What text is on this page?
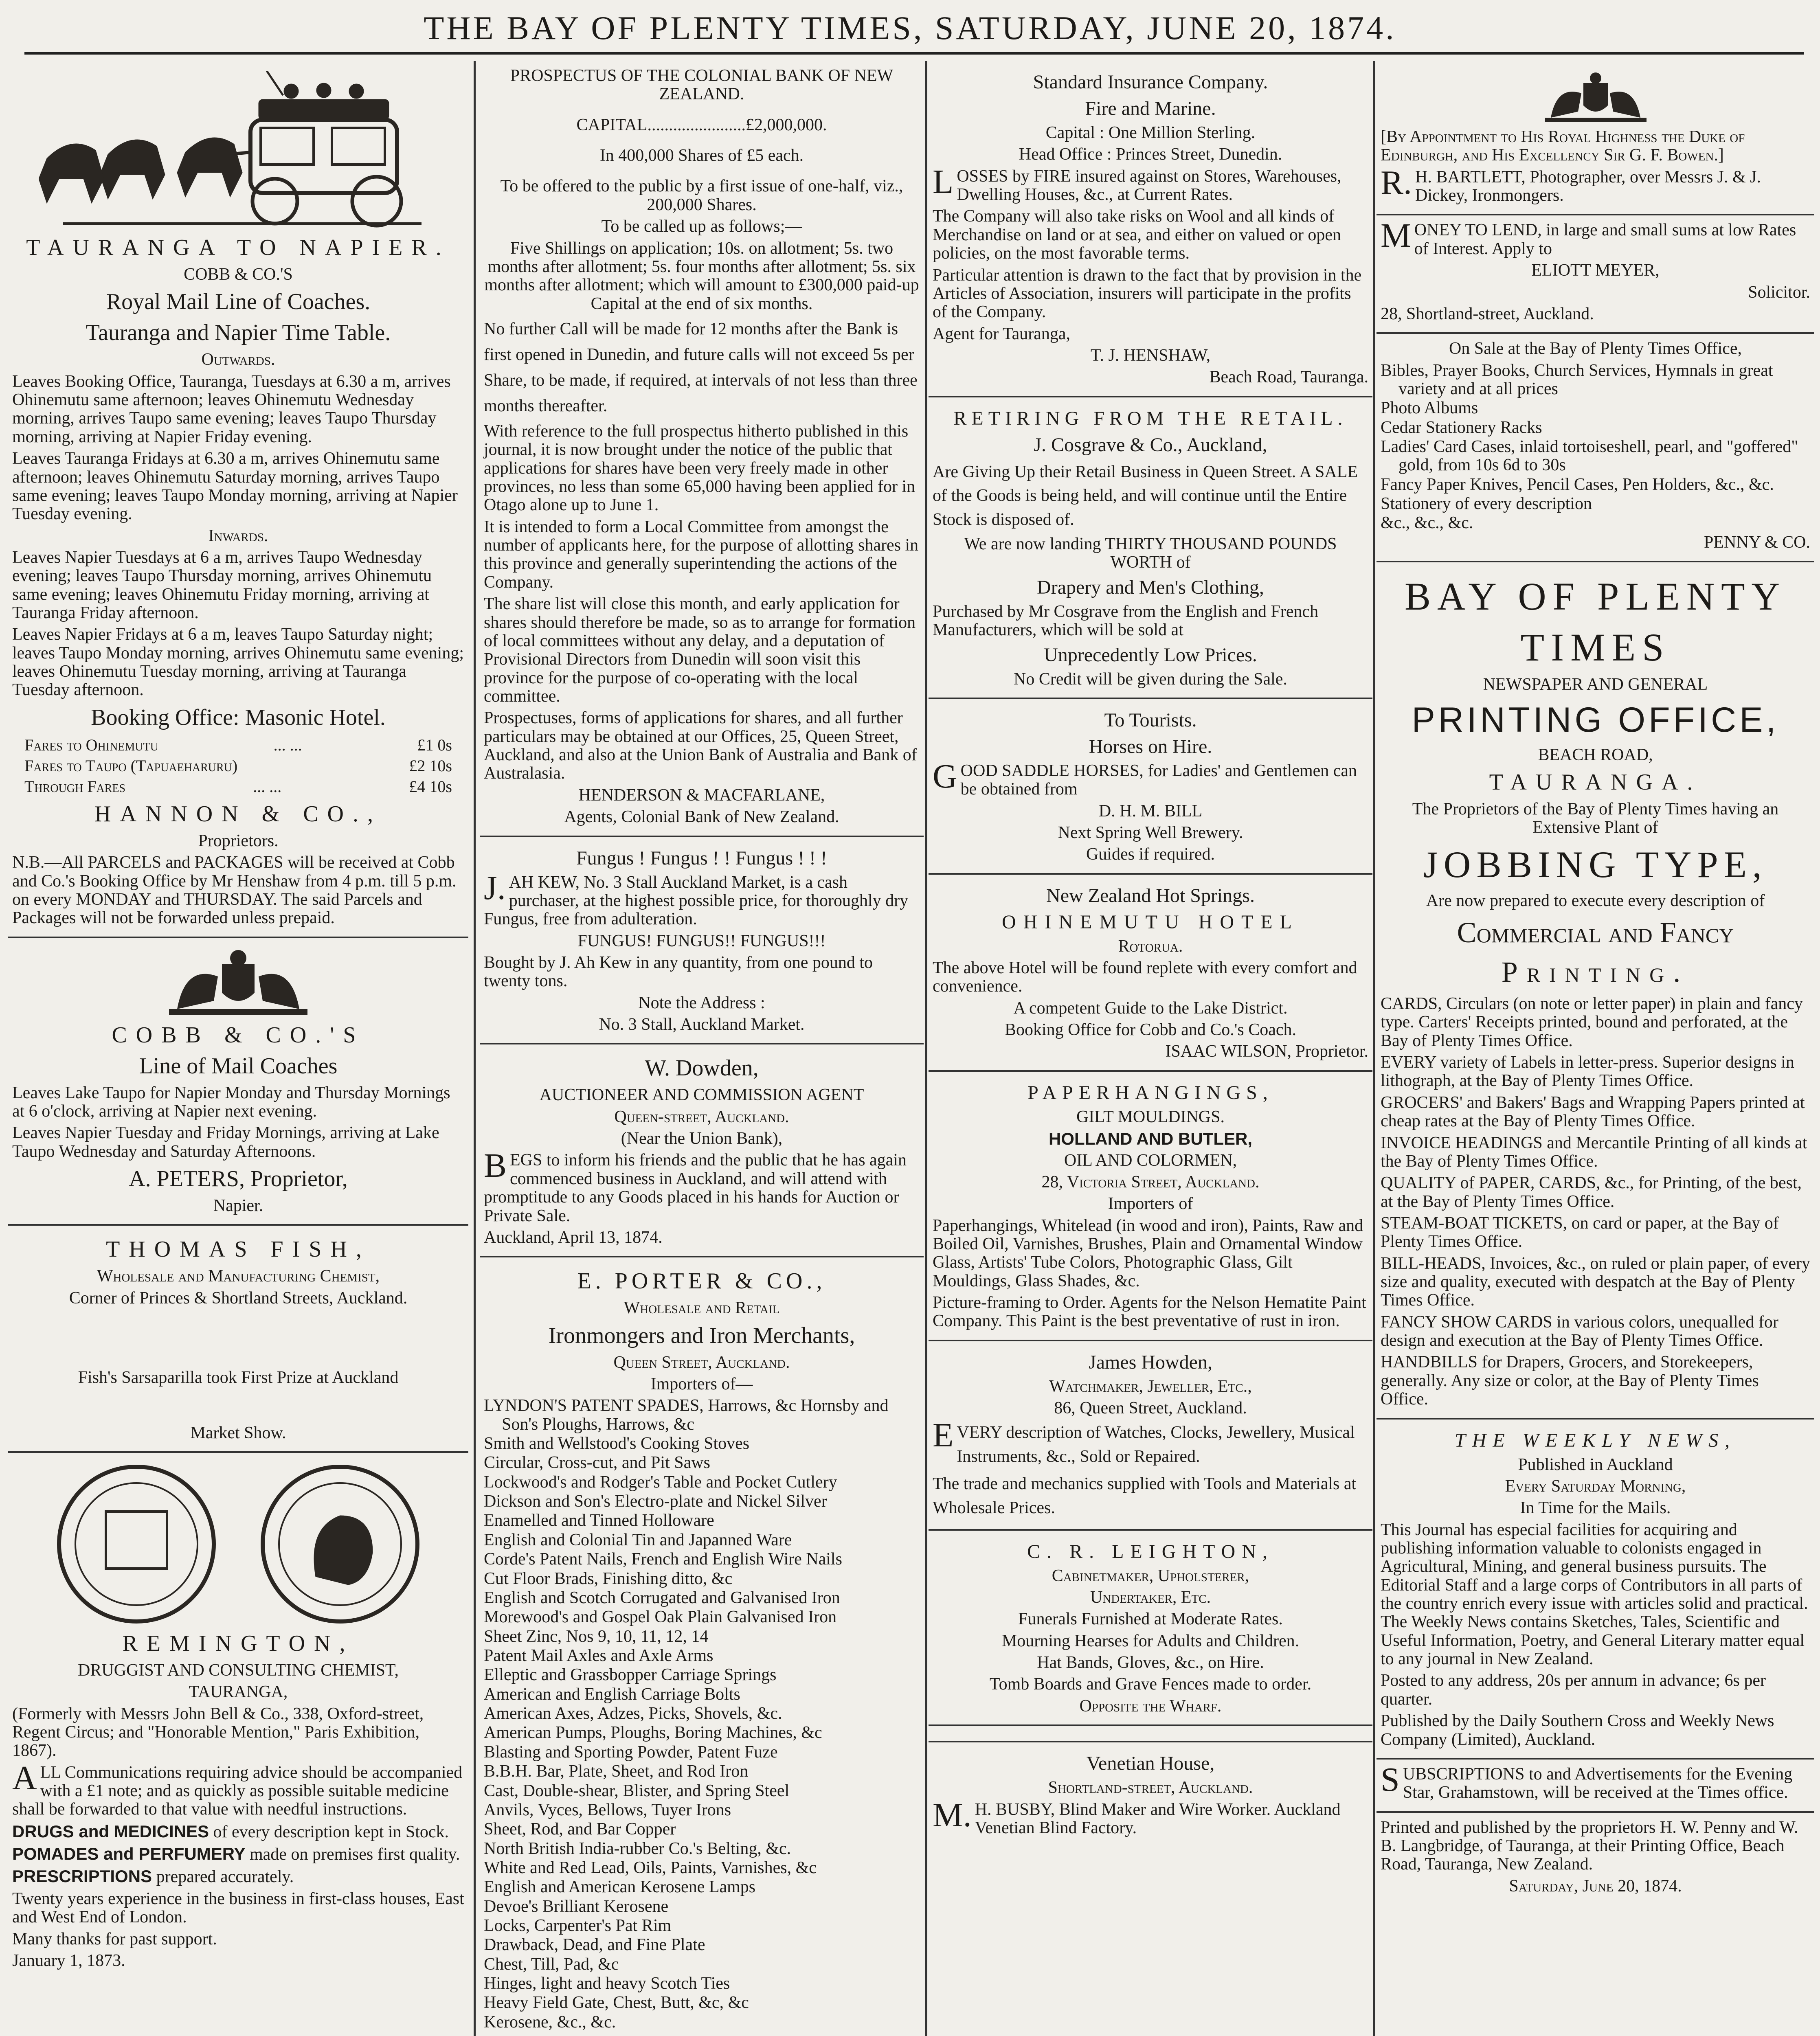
THE BAY OF PLENTY TIMES, SATURDAY, JUNE 20, 1874.
TAURANGA TO NAPIER.
COBB & CO.'S
Royal Mail Line of Coaches.
Tauranga and Napier Time Table.
Outwards.

Leaves Booking Office, Tauranga, Tuesdays at 6.30 a m, arrives Ohinemutu same afternoon; leaves Ohinemutu Wednesday morning, arrives Taupo same evening; leaves Taupo Thursday morning, arriving at Napier Friday evening.

Leaves Tauranga Fridays at 6.30 a m, arrives Ohinemutu same afternoon; leaves Ohinemutu Saturday morning, arrives Taupo same evening; leaves Taupo Monday morning, arriving at Napier Tuesday evening.

Inwards.

Leaves Napier Tuesdays at 6 a m, arrives Taupo Wednesday evening; leaves Taupo Thursday morning, arrives Ohinemutu same evening; leaves Ohinemutu Friday morning, arriving at Tauranga Friday afternoon.

Leaves Napier Fridays at 6 a m, leaves Taupo Saturday night; leaves Taupo Monday morning, arrives Ohinemutu same evening; leaves Ohinemutu Tuesday morning, arriving at Tauranga Tuesday afternoon.

Booking Office: Masonic Hotel.
Fares to Ohinemutu	... ...	£1 0s
Fares to Taupo (Tapuaeharuru)	£2 10s
Through Fares	... ...	£4 10s
HANNON & CO.,
Proprietors.

N.B.—All PARCELS and PACKAGES will be received at Cobb and Co.'s Booking Office by Mr Henshaw from 4 p.m. till 5 p.m. on every MONDAY and THURSDAY. The said Parcels and Packages will not be forwarded unless prepaid.

COBB & CO.'S
Line of Mail Coaches

Leaves Lake Taupo for Napier Monday and Thursday Mornings at 6 o'clock, arriving at Napier next evening.

Leaves Napier Tuesday and Friday Mornings, arriving at Lake Taupo Wednesday and Saturday Afternoons.

A. PETERS, Proprietor,
Napier.
THOMAS FISH,
Wholesale and Manufacturing Chemist,
Corner of Princes & Shortland Streets, Auckland.
Fish's Sarsaparilla took First Prize at Auckland
Market Show.
REMINGTON,
DRUGGIST AND CONSULTING CHEMIST,
TAURANGA,

(Formerly with Messrs John Bell & Co., 338, Oxford-street, Regent Circus; and "Honorable Mention," Paris Exhibition, 1867).

ALL Communications requiring advice should be accompanied with a £1 note; and as quickly as possible suitable medicine shall be forwarded to that value with needful instructions.

DRUGS and MEDICINES of every description kept in Stock.

POMADES and PERFUMERY made on premises first quality.

PRESCRIPTIONS prepared accurately.

Twenty years experience in the business in first-class houses, East and West End of London.

Many thanks for past support.

January 1, 1873.

PROSPECTUS OF THE COLONIAL BANK OF NEW ZEALAND.
CAPITAL.......................£2,000,000.
In 400,000 Shares of £5 each.

To be offered to the public by a first issue of one-half, viz., 200,000 Shares.

To be called up as follows;—

Five Shillings on application; 10s. on allotment; 5s. two months after allotment; 5s. four months after allotment; 5s. six months after allotment; which will amount to £300,000 paid-up Capital at the end of six months.

No further Call will be made for 12 months after the Bank is first opened in Dunedin, and future calls will not exceed 5s per Share, to be made, if required, at intervals of not less than three months thereafter.

With reference to the full prospectus hitherto published in this journal, it is now brought under the notice of the public that applications for shares have been very freely made in other provinces, no less than some 65,000 having been applied for in Otago alone up to June 1.

It is intended to form a Local Committee from amongst the number of applicants here, for the purpose of allotting shares in this province and generally superintending the actions of the Company.

The share list will close this month, and early application for shares should therefore be made, so as to arrange for formation of local committees without any delay, and a deputation of Provisional Directors from Dunedin will soon visit this province for the purpose of co-operating with the local committee.

Prospectuses, forms of applications for shares, and all further particulars may be obtained at our Offices, 25, Queen Street, Auckland, and also at the Union Bank of Australia and Bank of Australasia.

HENDERSON & MACFARLANE,
Agents, Colonial Bank of New Zealand.
Fungus ! Fungus ! ! Fungus ! ! !

J.AH KEW, No. 3 Stall Auckland Market, is a cash purchaser, at the highest possible price, for thoroughly dry Fungus, free from adulteration.

FUNGUS! FUNGUS!! FUNGUS!!!

Bought by J. Ah Kew in any quantity, from one pound to twenty tons.

Note the Address :
No. 3 Stall, Auckland Market.
W. Dowden,
AUCTIONEER AND COMMISSION AGENT
Queen-street, Auckland.
(Near the Union Bank),

BEGS to inform his friends and the public that he has again commenced business in Auckland, and will attend with promptitude to any Goods placed in his hands for Auction or Private Sale.

Auckland, April 13, 1874.

E. PORTER & CO.,
Wholesale and Retail
Ironmongers and Iron Merchants,
Queen Street, Auckland.
Importers of—

LYNDON'S PATENT SPADES, Harrows, &c Hornsby and Son's Ploughs, Harrows, &c

Smith and Wellstood's Cooking Stoves

Circular, Cross-cut, and Pit Saws

Lockwood's and Rodger's Table and Pocket Cutlery

Dickson and Son's Electro-plate and Nickel Silver

Enamelled and Tinned Holloware

English and Colonial Tin and Japanned Ware

Corde's Patent Nails, French and English Wire Nails

Cut Floor Brads, Finishing ditto, &c

English and Scotch Corrugated and Galvanised Iron

Morewood's and Gospel Oak Plain Galvanised Iron

Sheet Zinc, Nos 9, 10, 11, 12, 14

Patent Mail Axles and Axle Arms

Elleptic and Grassbopper Carriage Springs

American and English Carriage Bolts

American Axes, Adzes, Picks, Shovels, &c.

American Pumps, Ploughs, Boring Machines, &c

Blasting and Sporting Powder, Patent Fuze

B.B.H. Bar, Plate, Sheet, and Rod Iron

Cast, Double-shear, Blister, and Spring Steel

Anvils, Vyces, Bellows, Tuyer Irons

Sheet, Rod, and Bar Copper

North British India-rubber Co.'s Belting, &c.

White and Red Lead, Oils, Paints, Varnishes, &c

English and American Kerosene Lamps

Devoe's Brilliant Kerosene

Locks, Carpenter's Pat Rim

Drawback, Dead, and Fine Plate

Chest, Till, Pad, &c

Hinges, light and heavy Scotch Ties

Heavy Field Gate, Chest, Butt, &c, &c

Kerosene, &c., &c.

Standard Insurance Company.
Fire and Marine.
Capital : One Million Sterling.
Head Office : Princes Street, Dunedin.

LOSSES by FIRE insured against on Stores, Warehouses, Dwelling Houses, &c., at Current Rates.

The Company will also take risks on Wool and all kinds of Merchandise on land or at sea, and either on valued or open policies, on the most favorable terms.

Particular attention is drawn to the fact that by provision in the Articles of Association, insurers will participate in the profits of the Company.

Agent for Tauranga,

T. J. HENSHAW,
Beach Road, Tauranga.
RETIRING FROM THE RETAIL.
J. Cosgrave & Co., Auckland,

Are Giving Up their Retail Business in Queen Street. A SALE of the Goods is being held, and will continue until the Entire Stock is disposed of.

We are now landing THIRTY THOUSAND POUNDS WORTH of

Drapery and Men's Clothing,

Purchased by Mr Cosgrave from the English and French Manufacturers, which will be sold at

Unprecedently Low Prices.
No Credit will be given during the Sale.
To Tourists.
Horses on Hire.

GOOD SADDLE HORSES, for Ladies' and Gentlemen can be obtained from

D. H. M. BILL
Next Spring Well Brewery.
Guides if required.
New Zealand Hot Springs.
OHINEMUTU HOTEL
Rotorua.

The above Hotel will be found replete with every comfort and convenience.

A competent Guide to the Lake District.
Booking Office for Cobb and Co.'s Coach.
ISAAC WILSON, Proprietor.
PAPERHANGINGS,
GILT MOULDINGS.
HOLLAND AND BUTLER,
OIL AND COLORMEN,
28, Victoria Street, Auckland.
Importers of

Paperhangings, Whitelead (in wood and iron), Paints, Raw and Boiled Oil, Varnishes, Brushes, Plain and Ornamental Window Glass, Artists' Tube Colors, Photographic Glass, Gilt Mouldings, Glass Shades, &c.

Picture-framing to Order. Agents for the Nelson Hematite Paint Company. This Paint is the best preventative of rust in iron.

James Howden,
Watchmaker, Jeweller, Etc.,
86, Queen Street, Auckland.

EVERY description of Watches, Clocks, Jewellery, Musical Instruments, &c., Sold or Repaired.

The trade and mechanics supplied with Tools and Materials at Wholesale Prices.

C. R. LEIGHTON,
Cabinetmaker, Upholsterer,
Undertaker, Etc.
Funerals Furnished at Moderate Rates.
Mourning Hearses for Adults and Children.
Hat Bands, Gloves, &c., on Hire.
Tomb Boards and Grave Fences made to order.
Opposite the Wharf.

Venetian House,
Shortland-street, Auckland.

M.H. BUSBY, Blind Maker and Wire Worker. Auckland Venetian Blind Factory.

[By Appointment to His Royal Highness the Duke of Edinburgh, and His Excellency Sir G. F. Bowen.]

R.H. BARTLETT, Photographer, over Messrs J. & J. Dickey, Ironmongers.

MONEY TO LEND, in large and small sums at low Rates of Interest. Apply to

ELIOTT MEYER,
Solicitor.
28, Shortland-street, Auckland.
On Sale at the Bay of Plenty Times Office,

Bibles, Prayer Books, Church Services, Hymnals in great variety and at all prices

Photo Albums

Cedar Stationery Racks

Ladies' Card Cases, inlaid tortoiseshell, pearl, and "goffered" gold, from 10s 6d to 30s

Fancy Paper Knives, Pencil Cases, Pen Holders, &c., &c.

Stationery of every description

&c., &c., &c.

PENNY & CO.
BAY OF PLENTY
TIMES
NEWSPAPER AND GENERAL
PRINTING OFFICE,
BEACH ROAD,
TAURANGA.

The Proprietors of the Bay of Plenty Times having an Extensive Plant of

JOBBING TYPE,

Are now prepared to execute every description of

Commercial and Fancy
Printing.

CARDS, Circulars (on note or letter paper) in plain and fancy type. Carters' Receipts printed, bound and perforated, at the Bay of Plenty Times Office.

EVERY variety of Labels in letter-press. Superior designs in lithograph, at the Bay of Plenty Times Office.

GROCERS' and Bakers' Bags and Wrapping Papers printed at cheap rates at the Bay of Plenty Times Office.

INVOICE HEADINGS and Mercantile Printing of all kinds at the Bay of Plenty Times Office.

QUALITY of PAPER, CARDS, &c., for Printing, of the best, at the Bay of Plenty Times Office.

STEAM-BOAT TICKETS, on card or paper, at the Bay of Plenty Times Office.

BILL-HEADS, Invoices, &c., on ruled or plain paper, of every size and quality, executed with despatch at the Bay of Plenty Times Office.

FANCY SHOW CARDS in various colors, unequalled for design and execution at the Bay of Plenty Times Office.

HANDBILLS for Drapers, Grocers, and Storekeepers, generally. Any size or color, at the Bay of Plenty Times Office.

THE WEEKLY NEWS,
Published in Auckland
Every Saturday Morning,
In Time for the Mails.

This Journal has especial facilities for acquiring and publishing information valuable to colonists engaged in Agricultural, Mining, and general business pursuits. The Editorial Staff and a large corps of Contributors in all parts of the country enrich every issue with articles solid and practical. The Weekly News contains Sketches, Tales, Scientific and Useful Information, Poetry, and General Literary matter equal to any journal in New Zealand.

Posted to any address, 20s per annum in advance; 6s per quarter.

Published by the Daily Southern Cross and Weekly News Company (Limited), Auckland.

SUBSCRIPTIONS to and Advertisements for the Evening Star, Grahamstown, will be received at the Times office.

Printed and published by the proprietors H. W. Penny and W. B. Langbridge, of Tauranga, at their Printing Office, Beach Road, Tauranga, New Zealand.

Saturday, June 20, 1874.
